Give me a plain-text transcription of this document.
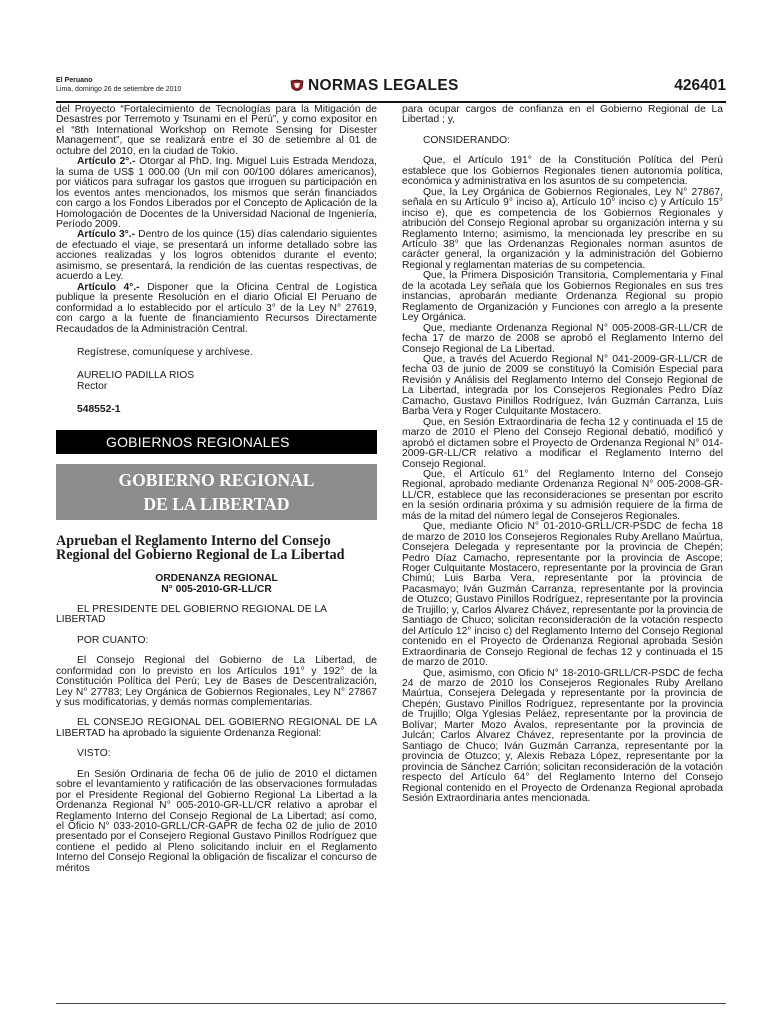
El Peruano
Lima, domingo 26 de setiembre de 2010	NORMAS LEGALES	426401

del Proyecto “Fortalecimiento de Tecnologías para la Mitigación de Desastres por Terremoto y Tsunami en el Perú”, y como expositor en el “8th International Workshop on Remote Sensing for Disester Management”, que se realizará entre el 30 de setiembre al 01 de octubre del 2010, en la ciudad de Tokio.

Artículo 2°.- Otorgar al PhD. Ing. Miguel Luis Estrada Mendoza, la suma de US$ 1 000.00 (Un mil con 00/100 dólares americanos), por viáticos para sufragar los gastos que irroguen su participación en los eventos antes mencionados, los mismos que serán financiados con cargo a los Fondos Liberados por el Concepto de Aplicación de la Homologación de Docentes de la Universidad Nacional de Ingeniería, Período 2009.

Artículo 3°.- Dentro de los quince (15) días calendario siguientes de efectuado el viaje, se presentará un informe detallado sobre las acciones realizadas y los logros obtenidos durante el evento; asimismo, se presentará, la rendición de las cuentas respectivas, de acuerdo a Ley.

Artículo 4°.- Disponer que la Oficina Central de Logística publique la presente Resolución en el diario Oficial El Peruano de conformidad a lo establecido por el artículo 3° de la Ley N° 27619, con cargo a la fuente de financiamiento Recursos Directamente Recaudados de la Administración Central.

Regístrese, comuníquese y archívese.

AURELIO PADILLA RIOS

Rector

548552-1

GOBIERNOS REGIONALES
GOBIERNO REGIONAL
DE LA LIBERTAD
Aprueban el Reglamento Interno del Consejo Regional del Gobierno Regional de La Libertad
ORDENANZA REGIONAL
N° 005-2010-GR-LL/CR

EL PRESIDENTE DEL GOBIERNO REGIONAL DE LA LIBERTAD

POR CUANTO:

El Consejo Regional del Gobierno de La Libertad, de conformidad con lo previsto en los Artículos 191° y 192° de la Constitución Política del Perú; Ley de Bases de Descentralización, Ley N° 27783; Ley Orgánica de Gobiernos Regionales, Ley N° 27867 y sus modificatorias, y demás normas complementarias.

EL CONSEJO REGIONAL DEL GOBIERNO REGIONAL DE LA LIBERTAD ha aprobado la siguiente Ordenanza Regional:

VISTO:

En Sesión Ordinaria de fecha 06 de julio de 2010 el dictamen sobre el levantamiento y ratificación de las observaciones formuladas por el Presidente Regional del Gobierno Regional La Libertad a la Ordenanza Regional N° 005-2010-GR-LL/CR relativo a aprobar el Reglamento Interno del Consejo Regional de La Libertad; así como, el Oficio N° 033-2010-GRLL/CR-GAPR de fecha 02 de julio de 2010 presentado por el Consejero Regional Gustavo Pinillos Rodríguez que contiene el pedido al Pleno solicitando incluir en el Reglamento Interno del Consejo Regional la obligación de fiscalizar el concurso de méritos

para ocupar cargos de confianza en el Gobierno Regional de La Libertad ; y,

CONSIDERANDO:

Que, el Artículo 191° de la Constitución Política del Perú establece que los Gobiernos Regionales tienen autonomía política, económica y administrativa en los asuntos de su competencia.

Que, la Ley Orgánica de Gobiernos Regionales, Ley N° 27867, señala en su Artículo 9° inciso a), Artículo 10° inciso c) y Artículo 15° inciso e), que es competencia de los Gobiernos Regionales y atribución del Consejo Regional aprobar su organización interna y su Reglamento Interno; asimismo, la mencionada ley prescribe en su Artículo 38° que las Ordenanzas Regionales norman asuntos de carácter general, la organización y la administración del Gobierno Regional y reglamentan materias de su competencia.

Que, la Primera Disposición Transitoria, Complementaria y Final de la acotada Ley señala que los Gobiernos Regionales en sus tres instancias, aprobarán mediante Ordenanza Regional su propio Reglamento de Organización y Funciones con arreglo a la presente Ley Orgánica.

Que, mediante Ordenanza Regional N° 005-2008-GR-LL/CR de fecha 17 de marzo de 2008 se aprobó el Reglamento Interno del Consejo Regional de La Libertad.

Que, a través del Acuerdo Regional N° 041-2009-GR-LL/CR de fecha 03 de junio de 2009 se constituyó la Comisión Especial para Revisión y Análisis del Reglamento Interno del Consejo Regional de La Libertad, integrada por los Consejeros Regionales Pedro Díaz Camacho, Gustavo Pinillos Rodríguez, Iván Guzmán Carranza, Luis Barba Vera y Roger Culquitante Mostacero.

Que, en Sesión Extraordinaria de fecha 12 y continuada el 15 de marzo de 2010 el Pleno del Consejo Regional debatió, modificó y aprobó el dictamen sobre el Proyecto de Ordenanza Regional N° 014-2009-GR-LL/CR relativo a modificar el Reglamento Interno del Consejo Regional.

Que, el Artículo 61° del Reglamento Interno del Consejo Regional, aprobado mediante Ordenanza Regional N° 005-2008-GR-LL/CR, establece que las reconsideraciones se presentan por escrito en la sesión ordinaria próxima y su admisión requiere de la firma de más de la mitad del número legal de Consejeros Regionales.

Que, mediante Oficio N° 01-2010-GRLL/CR-PSDC de fecha 18 de marzo de 2010 los Consejeros Regionales Ruby Arellano Maúrtua, Consejera Delegada y representante por la provincia de Chepén; Pedro Díaz Camacho, representante por la provincia de Ascope; Roger Culquitante Mostacero, representante por la provincia de Gran Chimú; Luis Barba Vera, representante por la provincia de Pacasmayo; Iván Guzmán Carranza, representante por la provincia de Otuzco; Gustavo Pinillos Rodríguez, representante por la provincia de Trujillo; y, Carlos Álvarez Chávez, representante por la provincia de Santiago de Chuco; solicitan reconsideración de la votación respecto del Artículo 12° inciso c) del Reglamento Interno del Consejo Regional contenido en el Proyecto de Ordenanza Regional aprobada Sesión Extraordinaria de Consejo Regional de fechas 12 y continuada el 15 de marzo de 2010.

Que, asimismo, con Oficio N° 18-2010-GRLL/CR-PSDC de fecha 24 de marzo de 2010 los Consejeros Regionales Ruby Arellano Maúrtua, Consejera Delegada y representante por la provincia de Chepén; Gustavo Pinillos Rodríguez, representante por la provincia de Trujillo; Olga Yglesias Peláez, representante por la provincia de Bolívar; Marter Mozo Ávalos, representante por la provincia de Julcán; Carlos Álvarez Chávez, representante por la provincia de Santiago de Chuco; Iván Guzmán Carranza, representante por la provincia de Otuzco; y, Alexis Rebaza López, representante por la provincia de Sánchez Carrión; solicitan reconsideración de la votación respecto del Artículo 64° del Reglamento Interno del Consejo Regional contenido en el Proyecto de Ordenanza Regional aprobada Sesión Extraordinaria antes mencionada.
